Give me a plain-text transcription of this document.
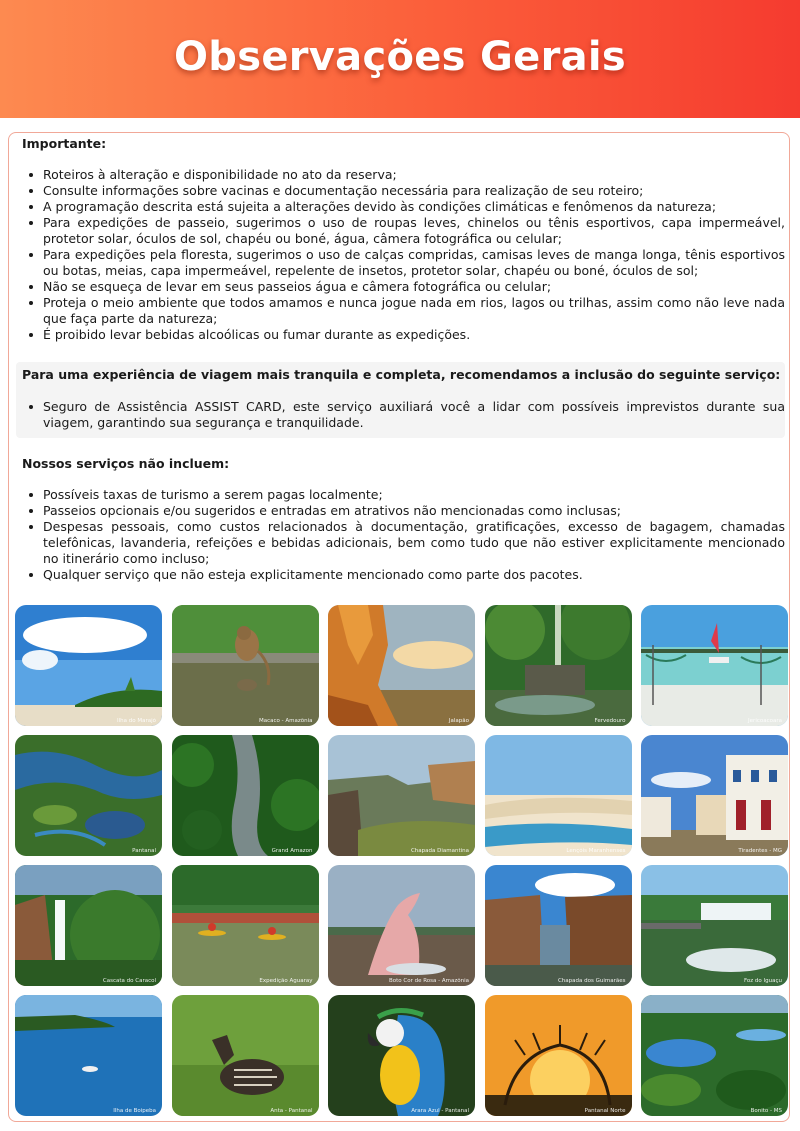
Observações Gerais
Importante:
Roteiros à alteração e disponibilidade no ato da reserva;
Consulte informações sobre vacinas e documentação necessária para realização de seu roteiro;
A programação descrita está sujeita a alterações devido às condições climáticas e fenômenos da natureza;
Para expedições de passeio, sugerimos o uso de roupas leves, chinelos ou tênis esportivos, capa impermeável, protetor solar, óculos de sol, chapéu ou boné, água, câmera fotográfica ou celular;
Para expedições pela floresta, sugerimos o uso de calças compridas, camisas leves de manga longa, tênis esportivos ou botas, meias, capa impermeável, repelente de insetos, protetor solar, chapéu ou boné, óculos de sol;
Não se esqueça de levar em seus passeios água e câmera fotográfica ou celular;
Proteja o meio ambiente que todos amamos e nunca jogue nada em rios, lagos ou trilhas, assim como não leve nada que faça parte da natureza;
É proibido levar bebidas alcoólicas ou fumar durante as expedições.
Para uma experiência de viagem mais tranquila e completa, recomendamos a inclusão do seguinte serviço:
Seguro de Assistência ASSIST CARD, este serviço auxiliará você a lidar com possíveis imprevistos durante sua viagem, garantindo sua segurança e tranquilidade.
Nossos serviços não incluem:
Possíveis taxas de turismo a serem pagas localmente;
Passeios opcionais e/ou sugeridos e entradas em atrativos não mencionadas como inclusas;
Despesas pessoais, como custos relacionados à documentação, gratificações, excesso de bagagem, chamadas telefônicas, lavanderia, refeições e bebidas adicionais, bem como tudo que não estiver explicitamente mencionado no itinerário como incluso;
Qualquer serviço que não esteja explicitamente mencionado como parte dos pacotes.
Ilha do Marajó	Macaco - Amazônia	Jalapão	Fervedouro	Jericoacoara
Pantanal	Grand Amazon	Chapada Diamantina	Lençóis Maranhenses	Tiradentes - MG
Cascata do Caracol	Expedição Aguaray	Boto Cor de Rosa - Amazônia	Chapada dos Guimarães	Foz do Iguaçu
Ilha de Boipeba	Anta - Pantanal	Arara Azul - Pantanal	Pantanal Norte	Bonito - MS
